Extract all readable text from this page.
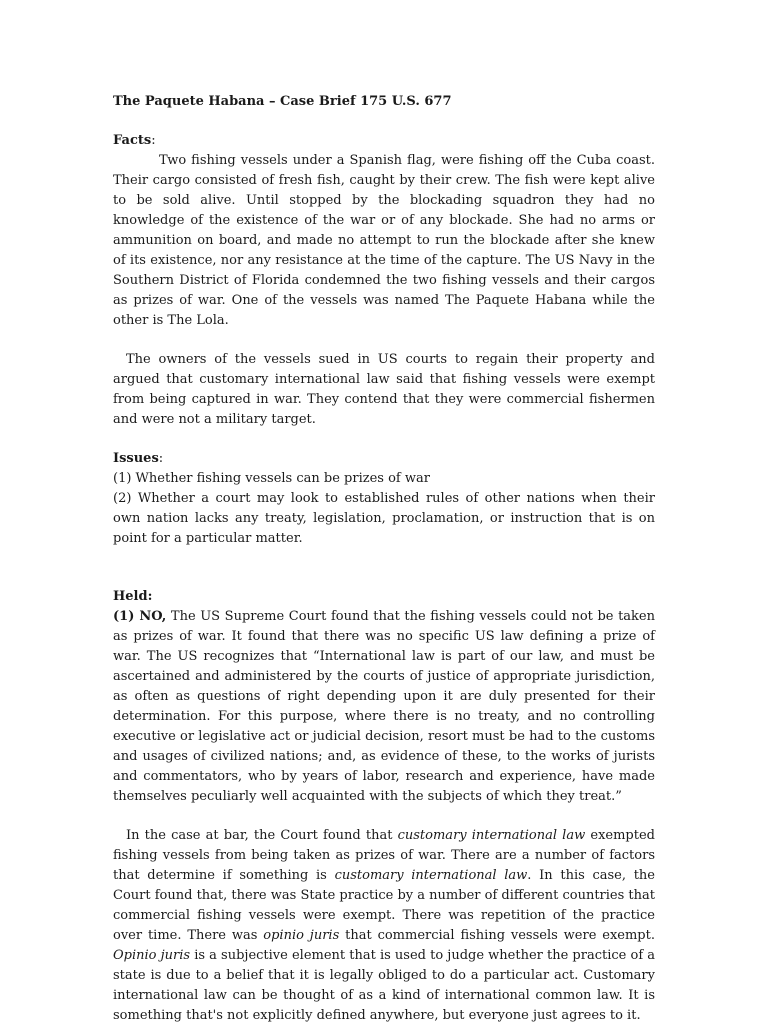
The Paquete Habana – Case Brief 175 U.S. 677

Facts:

Two fishing vessels under a Spanish flag, were fishing off the Cuba coast. Their cargo consisted of fresh fish, caught by their crew. The fish were kept alive to be sold alive. Until stopped by the blockading squadron they had no knowledge of the existence of the war or of any blockade. She had no arms or ammunition on board, and made no attempt to run the blockade after she knew of its existence, nor any resistance at the time of the capture. The US Navy in the Southern District of Florida condemned the two fishing vessels and their cargos as prizes of war. One of the vessels was named The Paquete Habana while the other is The Lola.

The owners of the vessels sued in US courts to regain their property and argued that customary international law said that fishing vessels were exempt from being captured in war. They contend that they were commercial fishermen and were not a military target.

Issues:

(1) Whether fishing vessels can be prizes of war

(2) Whether a court may look to established rules of other nations when their own nation lacks any treaty, legislation, proclamation, or instruction that is on point for a particular matter.

Held:

(1) NO, The US Supreme Court found that the fishing vessels could not be taken as prizes of war. It found that there was no specific US law defining a prize of war. The US recognizes that “International law is part of our law, and must be ascertained and administered by the courts of justice of appropriate jurisdiction, as often as questions of right depending upon it are duly presented for their determination. For this purpose, where there is no treaty, and no controlling executive or legislative act or judicial decision, resort must be had to the customs and usages of civilized nations; and, as evidence of these, to the works of jurists and commentators, who by years of labor, research and experience, have made themselves peculiarly well acquainted with the subjects of which they treat.”

In the case at bar, the Court found that customary international law exempted fishing vessels from being taken as prizes of war. There are a number of factors that determine if something is customary international law. In this case, the Court found that, there was State practice by a number of different countries that commercial fishing vessels were exempt. There was repetition of the practice over time. There was opinio juris that commercial fishing vessels were exempt. Opinio juris is a subjective element that is used to judge whether the practice of a state is due to a belief that it is legally obliged to do a particular act. Customary international law can be thought of as a kind of international common law. It is something that's not explicitly defined anywhere, but everyone just agrees to it.
